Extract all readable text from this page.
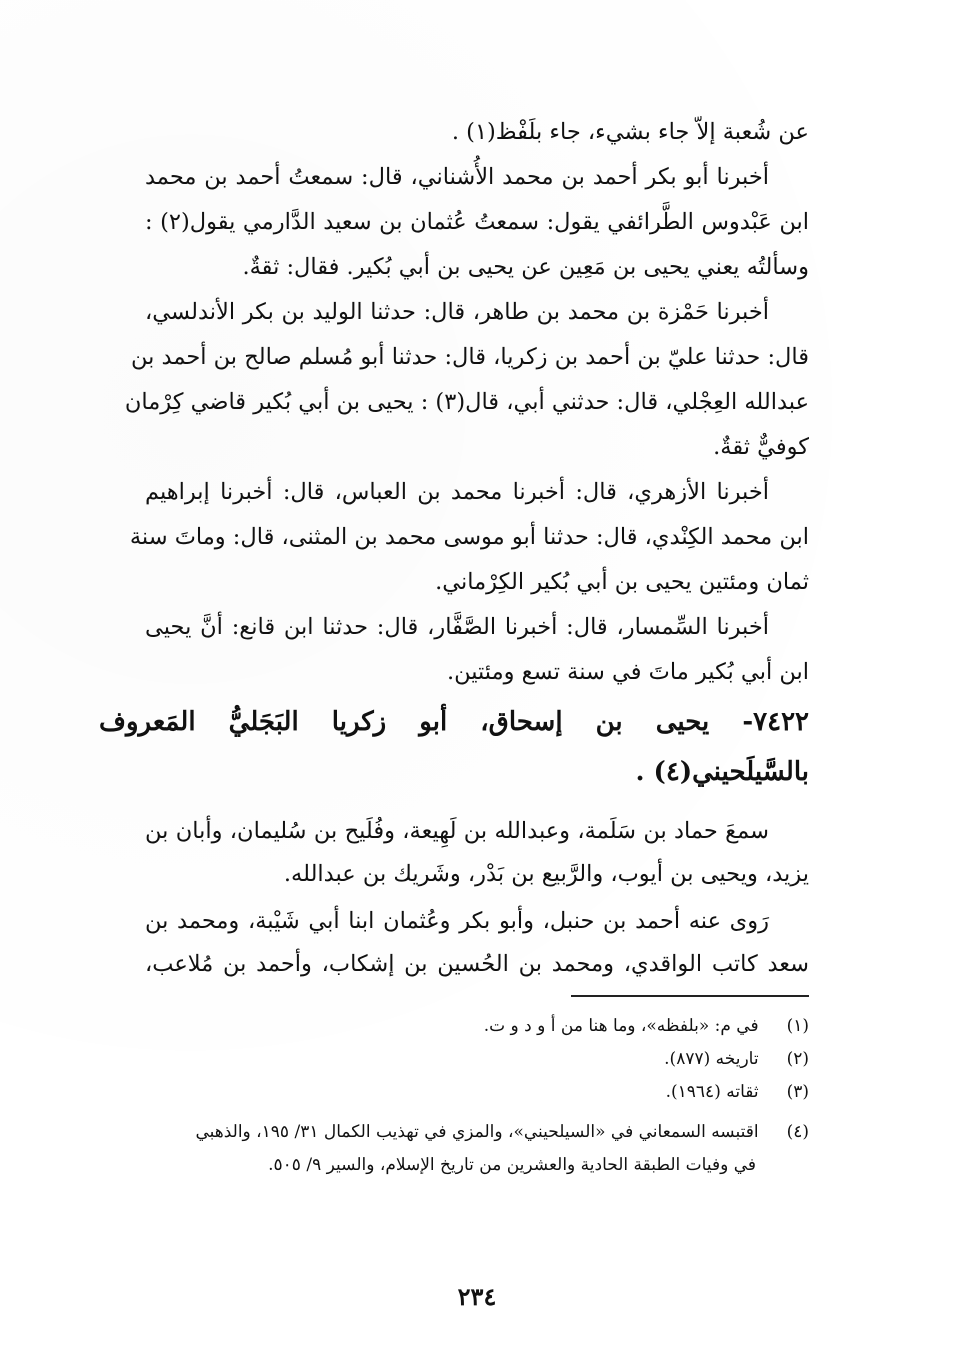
عن شُعبة إلاّ جاء بشيء، جاء بلَفْظ(١) .
أخبرنا أبو بكر أحمد بن محمد الأُشناني، قال: سمعتُ أحمد بن محمد
ابن عَبْدوس الطَّرائفي يقول: سمعتُ عُثمان بن سعيد الدَّارمي يقول(٢) :
وسألتُه يعني يحيى بن مَعِين عن يحيى بن أبي بُكير. فقال: ثقةٌ.
أخبرنا حَمْزة بن محمد بن طاهر، قال: حدثنا الوليد بن بكر الأندلسي،
قال: حدثنا عليّ بن أحمد بن زكريا، قال: حدثنا أبو مُسلم صالح بن أحمد بن
عبدالله العِجْلي، قال: حدثني أبي، قال(٣) : يحيى بن أبي بُكير قاضي كِرْمان
كوفيٌّ ثقةٌ.
أخبرنا الأزهري، قال: أخبرنا محمد بن العباس، قال: أخبرنا إبراهيم
ابن محمد الكِنْدي، قال: حدثنا أبو موسى محمد بن المثنى، قال: وماتَ سنة
ثمان ومئتين يحيى بن أبي بُكير الكِرْماني.
أخبرنا السِّمسار، قال: أخبرنا الصَّفَّار، قال: حدثنا ابن قانع: أنَّ يحيى
ابن أبي بُكير ماتَ في سنة تسع ومئتين.
٧٤٢٢- يحيى بن إسحاق، أبو زكريا البَجَليُّ المَعروف
بالسَّيلَحيني(٤) .
سمعَ حماد بن سَلَمة، وعبدالله بن لَهِيعة، وفُلَيح بن سُليمان، وأبان بن
يزيد، ويحيى بن أيوب، والرَّبيع بن بَدْر، وشَريك بن عبدالله.
رَوى عنه أحمد بن حنبل، وأبو بكر وعُثمان ابنا أبي شَيْبة، ومحمد بن
سعد كاتب الواقدي، ومحمد بن الحُسين بن إشكاب، وأحمد بن مُلاعب،
(١) في م: «بلفظه»، وما هنا من أ و د و ت.
(٢) تاريخه (٨٧٧).
(٣) ثقاته (١٩٦٤).
(٤) اقتبسه السمعاني في «السيلحيني»، والمزي في تهذيب الكمال ٣١/ ١٩٥، والذهبي
في وفيات الطبقة الحادية والعشرين من تاريخ الإسلام، والسير ٩/ ٥٠٥.
٢٣٤
